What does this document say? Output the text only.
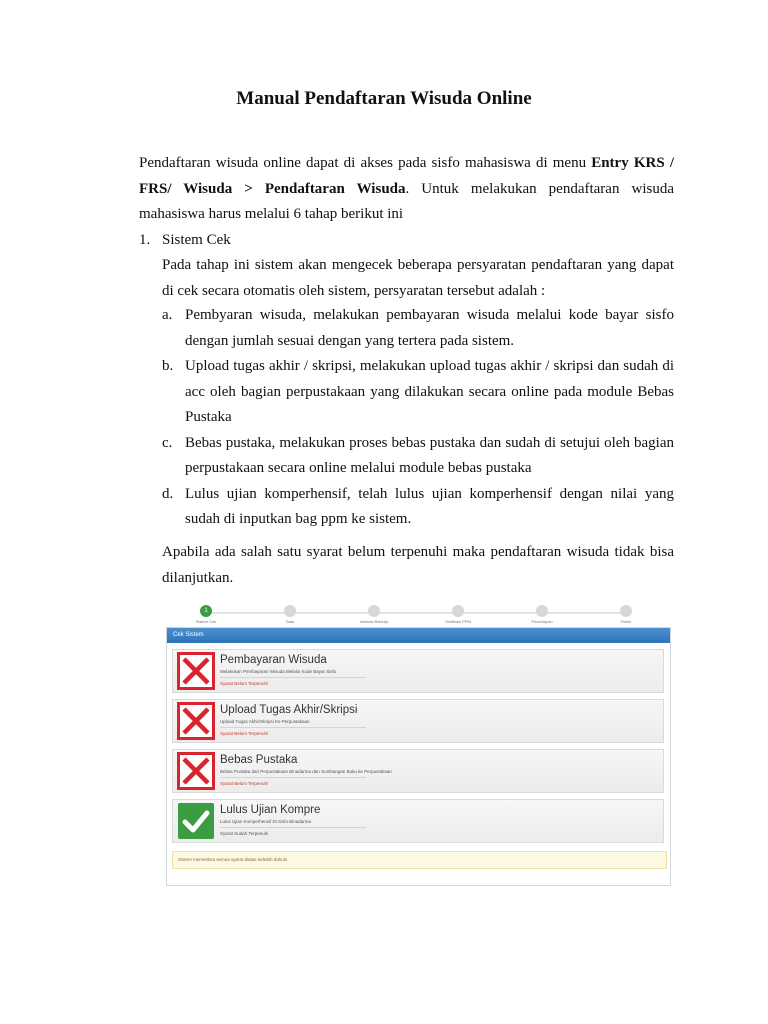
Manual Pendaftaran Wisuda Online

Pendaftaran wisuda online dapat di akses pada sisfo mahasiswa di menu Entry KRS / FRS/ Wisuda > Pendaftaran Wisuda. Untuk melakukan pendaftaran wisuda mahasiswa harus melalui 6 tahap berikut ini

1. Sistem Cek

Pada tahap ini sistem akan mengecek beberapa persyaratan pendaftaran yang dapat di cek secara otomatis oleh sistem, persyaratan tersebut adalah :

a. Pembyaran wisuda, melakukan pembayaran wisuda melalui kode bayar sisfo dengan jumlah sesuai dengan yang tertera pada sistem.
b. Upload tugas akhir / skripsi, melakukan upload tugas akhir / skripsi dan sudah di acc oleh bagian perpustakaan yang dilakukan secara online pada module Bebas Pustaka
c. Bebas pustaka, melakukan proses bebas pustaka dan sudah di setujui oleh bagian perpustakaan secara online melalui module bebas pustaka
d. Lulus ujian komperhensif, telah lulus ujian komperhensif dengan nilai yang sudah di inputkan bag ppm ke sistem.

Apabila ada salah satu syarat belum terpenuhi maka pendaftaran wisuda tidak bisa dilanjutkan.

1
Sistem Cek	Data	Instansi Bekerja	Verifikasi PPM	Persetujuan	Finish
Cek Sistem
Pembayaran Wisuda
Melakukan Pembayaran Wisuda Melalui Kode Bayar Sisfo
Syarat Belum Terpenuhi
Upload Tugas Akhir/Skripsi
Upload Tugas Akhir/Skripsi Ke Perpustakaan
Syarat Belum Terpenuhi
Bebas Pustaka
Bebas Pustaka dari Perpustakaan Binadarma dan Sumbangan Buku ke Perpustakaan
Syarat Belum Terpenuhi
Lulus Ujian Kompre
Lulus Ujian Komperhensif Di Sisfo Binadarma
Syarat Sudah Terpenuhi
Sistem memeriksa semua syarat diatas terlebih dahulu
